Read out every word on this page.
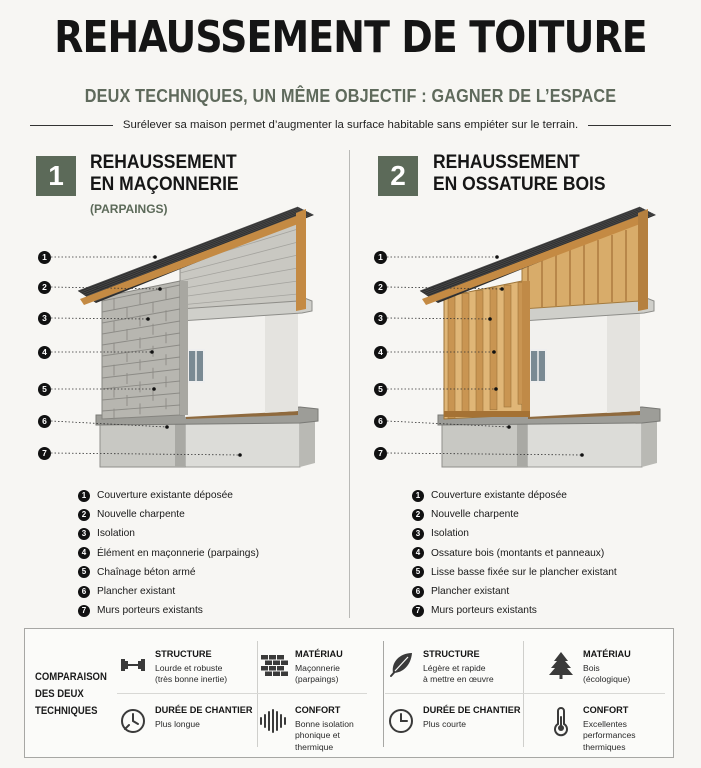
REHAUSSEMENT DE TOITURE
DEUX TECHNIQUES, UN MÊME OBJECTIF : GAGNER DE L’ESPACE
Surélever sa maison permet d’augmenter la surface habitable sans empiéter sur le terrain.
1	REHAUSSEMENT
EN MAÇONNERIE
(PARPAINGS)
2	REHAUSSEMENT
EN OSSATURE BOIS
1
2
3
4
5
6
7
1
2
3
4
5
6
7
1	Couverture existante déposée
2	Nouvelle charpente
3	Isolation
4	Élément en maçonnerie (parpaings)
5	Chaînage béton armé
6	Plancher existant
7	Murs porteurs existants
1	Couverture existante déposée
2	Nouvelle charpente
3	Isolation
4	Ossature bois (montants et panneaux)
5	Lisse basse fixée sur le plancher existant
6	Plancher existant
7	Murs porteurs existants
COMPARAISON
DES DEUX
TECHNIQUES
STRUCTURE
Lourde et robuste
(très bonne inertie)
MATÉRIAU
Maçonnerie
(parpaings)
STRUCTURE
Légère et rapide
à mettre en œuvre
MATÉRIAU
Bois
(écologique)
DURÉE DE CHANTIER
Plus longue
CONFORT
Bonne isolation
phonique et
thermique
DURÉE DE CHANTIER
Plus courte
CONFORT
Excellentes
performances
thermiques
